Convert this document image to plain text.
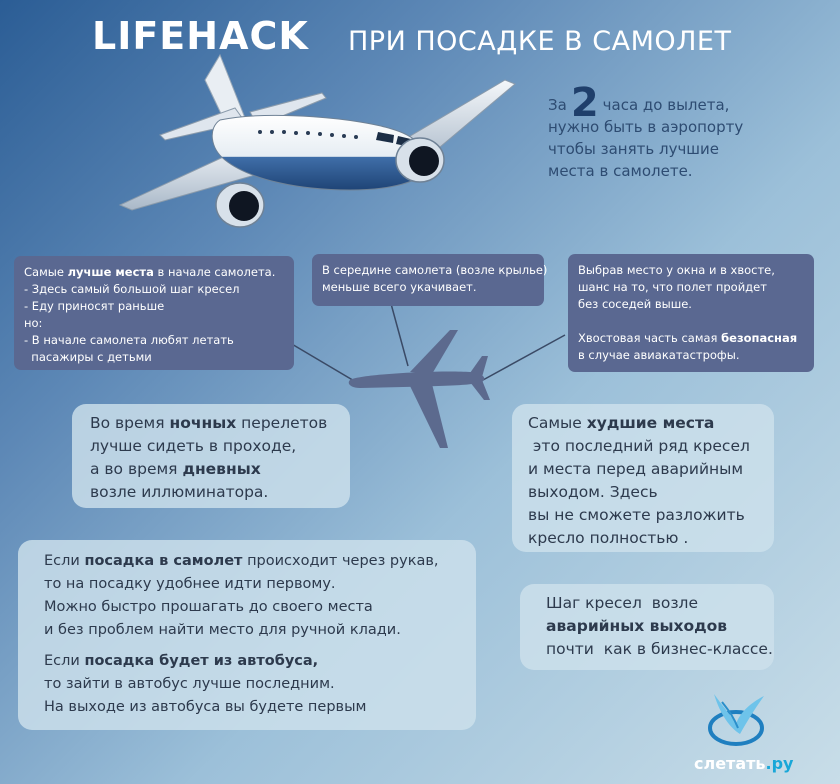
LIFEHACK ПРИ ПОСАДКЕ В САМОЛЕТ
За 2 часа до вылета,
нужно быть в аэропорту
чтобы занять лучшие
места в самолете.
Самые лучше места в начале самолета.
- Здесь самый большой шаг кресел
- Еду приносят раньше
но:
- В начале самолета любят летать
пасажиры с детьми
В середине самолета (возле крылье)
меньше всего укачивает.
Выбрав место у окна и в хвосте,
шанс на то, что полет пройдет
без соседей выше.

Хвостовая часть самая безопасная
в случае авиакатастрофы.
Во время ночных перелетов
лучше сидеть в проходе,
а во время дневных
возле иллюминатора.
Самые худшие места
это последний ряд кресел
и места перед аварийным
выходом. Здесь
вы не сможете разложить
кресло полностью .
Если посадка в самолет происходит через рукав,
то на посадку удобнее идти первому.
Можно быстро прошагать до своего места
и без проблем найти место для ручной клади.

Если посадка будет из автобуса,
то зайти в автобус лучше последним.
На выходе из автобуса вы будете первым
Шаг кресел  возле
аварийных выходов
почти  как в бизнес-классе.
слетать.ру
